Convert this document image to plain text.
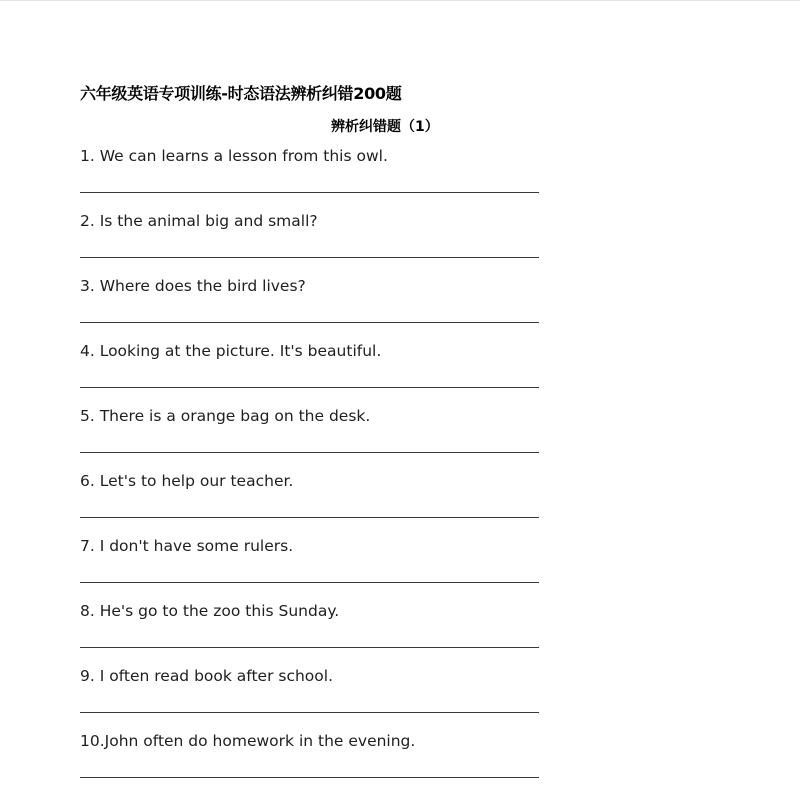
六年级英语专项训练-时态语法辨析纠错200题
辨析纠错题（1）
1. We can learns a lesson from this owl.
2. Is the animal big and small?
3. Where does the bird lives?
4. Looking at the picture. It's beautiful.
5. There is a orange bag on the desk.
6. Let's to help our teacher.
7. I don't have some rulers.
8. He's go to the zoo this Sunday.
9. I often read book after school.
10.John often do homework in the evening.
